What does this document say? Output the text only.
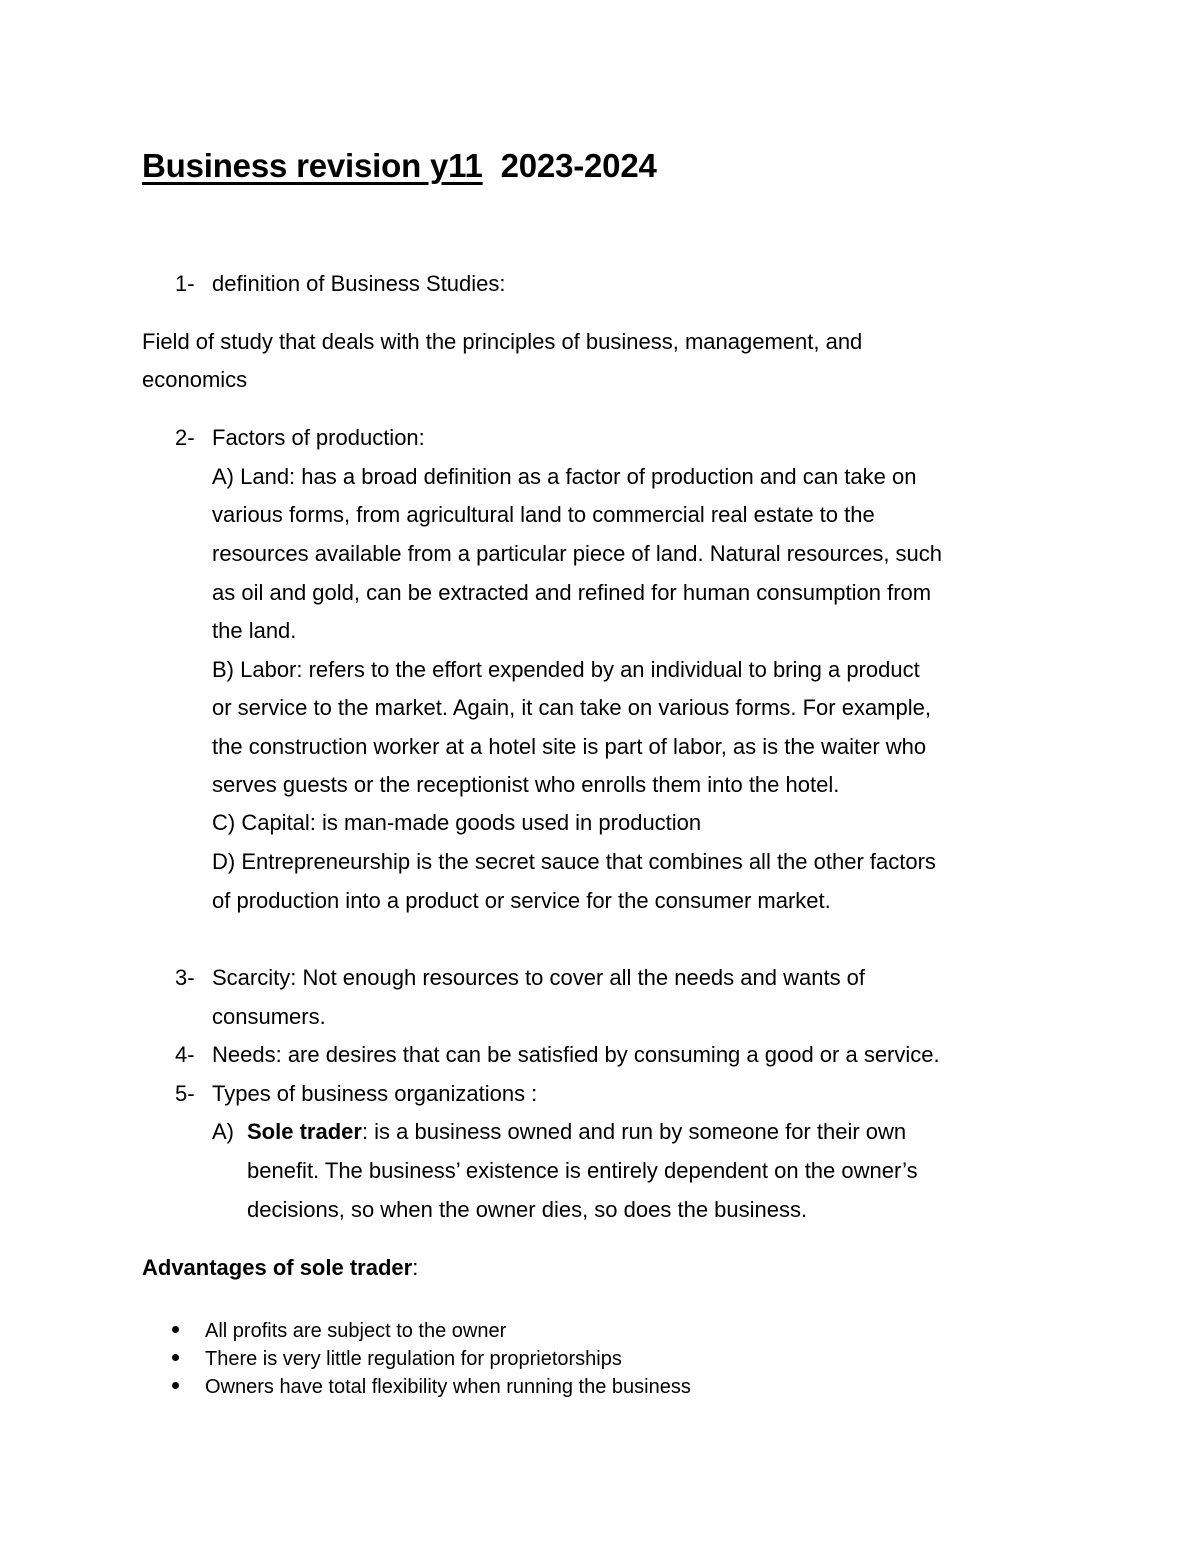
Business revision y11 2023-2024
1- definition of Business Studies:
Field of study that deals with the principles of business, management, and
economics
2- Factors of production:
A) Land: has a broad definition as a factor of production and can take on
various forms, from agricultural land to commercial real estate to the
resources available from a particular piece of land. Natural resources, such
as oil and gold, can be extracted and refined for human consumption from
the land.
B) Labor: refers to the effort expended by an individual to bring a product
or service to the market. Again, it can take on various forms. For example,
the construction worker at a hotel site is part of labor, as is the waiter who
serves guests or the receptionist who enrolls them into the hotel.
C) Capital: is man-made goods used in production
D) Entrepreneurship is the secret sauce that combines all the other factors
of production into a product or service for the consumer market.
3- Scarcity: Not enough resources to cover all the needs and wants of
consumers.
4- Needs: are desires that can be satisfied by consuming a good or a service.
5- Types of business organizations :
A) Sole trader: is a business owned and run by someone for their own
benefit. The business’ existence is entirely dependent on the owner’s
decisions, so when the owner dies, so does the business.
Advantages of sole trader:
All profits are subject to the owner
There is very little regulation for proprietorships
Owners have total flexibility when running the business
